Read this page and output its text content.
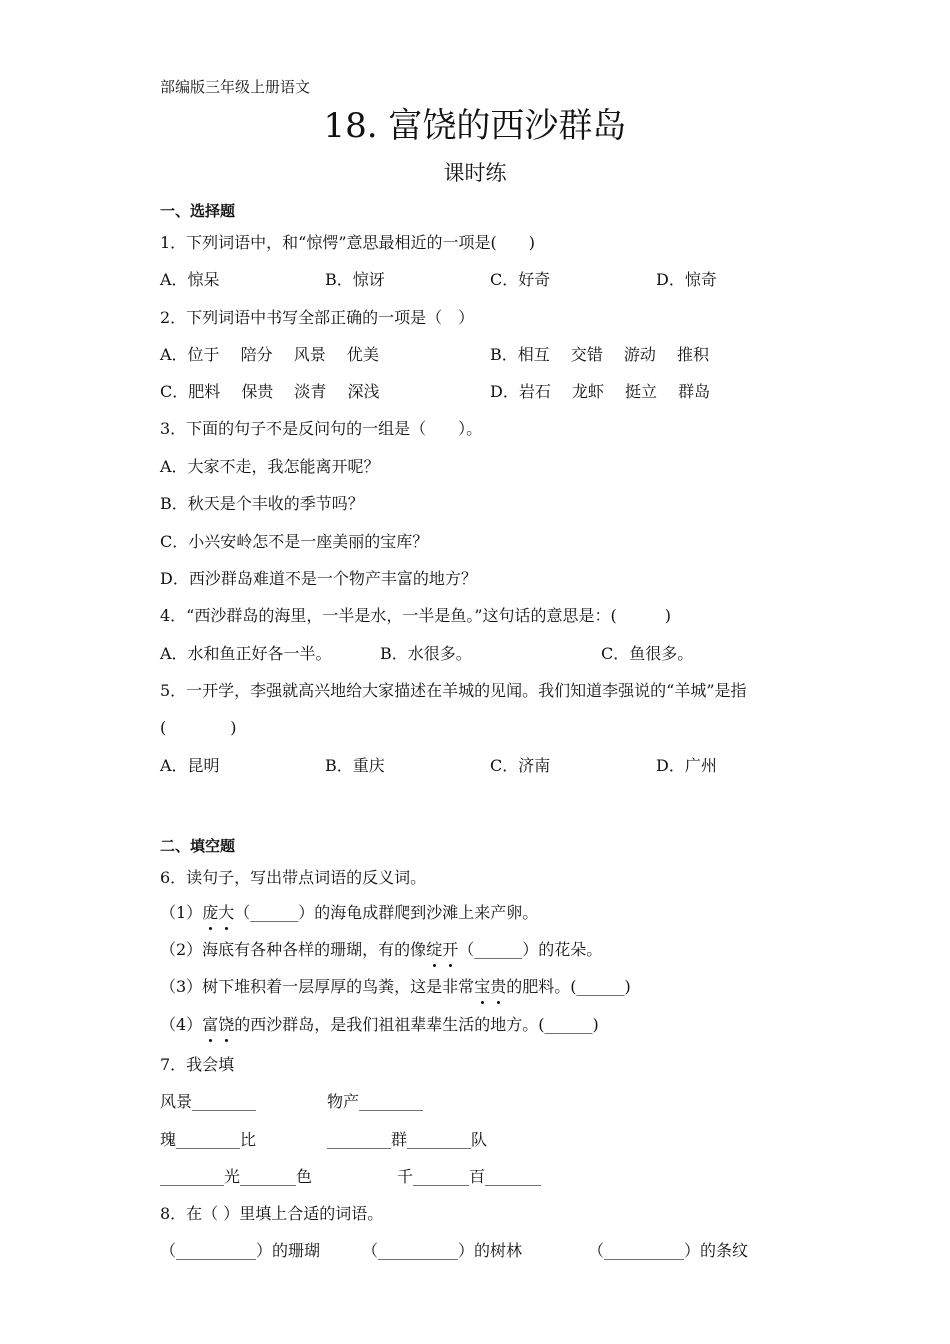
部编版三年级上册语文
18. 富饶的西沙群岛
课时练
一、选择题
1．下列词语中，和“惊愕”意思最相近的一项是(　　)
A．惊呆	B．惊讶	C．好奇	D．惊奇
2．下列词语中书写全部正确的一项是（　）
A．位于　 陪分　 风景　 优美	B．相互　 交错　 游动　 推积
C．肥料　 保贵　 淡青　 深浅	D．岩石　 龙虾　 挺立　 群岛
3．下面的句子不是反问句的一组是（　　）。
A．大家不走，我怎能离开呢？
B．秋天是个丰收的季节吗？
C．小兴安岭怎不是一座美丽的宝库？
D．西沙群岛难道不是一个物产丰富的地方？
4．“西沙群岛的海里，一半是水，一半是鱼。”这句话的意思是：(　　　)
A．水和鱼正好各一半。	B．水很多。	C．鱼很多。
5．一开学，李强就高兴地给大家描述在羊城的见闻。我们知道李强说的“羊城”是指
(　　　　)
A．昆明	B．重庆	C．济南	D．广州
二、填空题
6．读句子，写出带点词语的反义词。
（1）庞大（______）的海龟成群爬到沙滩上来产卵。
（2）海底有各种各样的珊瑚，有的像绽开（______）的花朵。
（3）树下堆积着一层厚厚的鸟粪，这是非常宝贵的肥料。(______)
（4）富饶的西沙群岛，是我们祖祖辈辈生活的地方。(______)
7．我会填
风景________	物产________
瑰________比	________群________队
________光_______色	千_______百_______
8．在（ ）里填上合适的词语。
（__________）的珊瑚	（__________）的树林	（__________）的条纹
